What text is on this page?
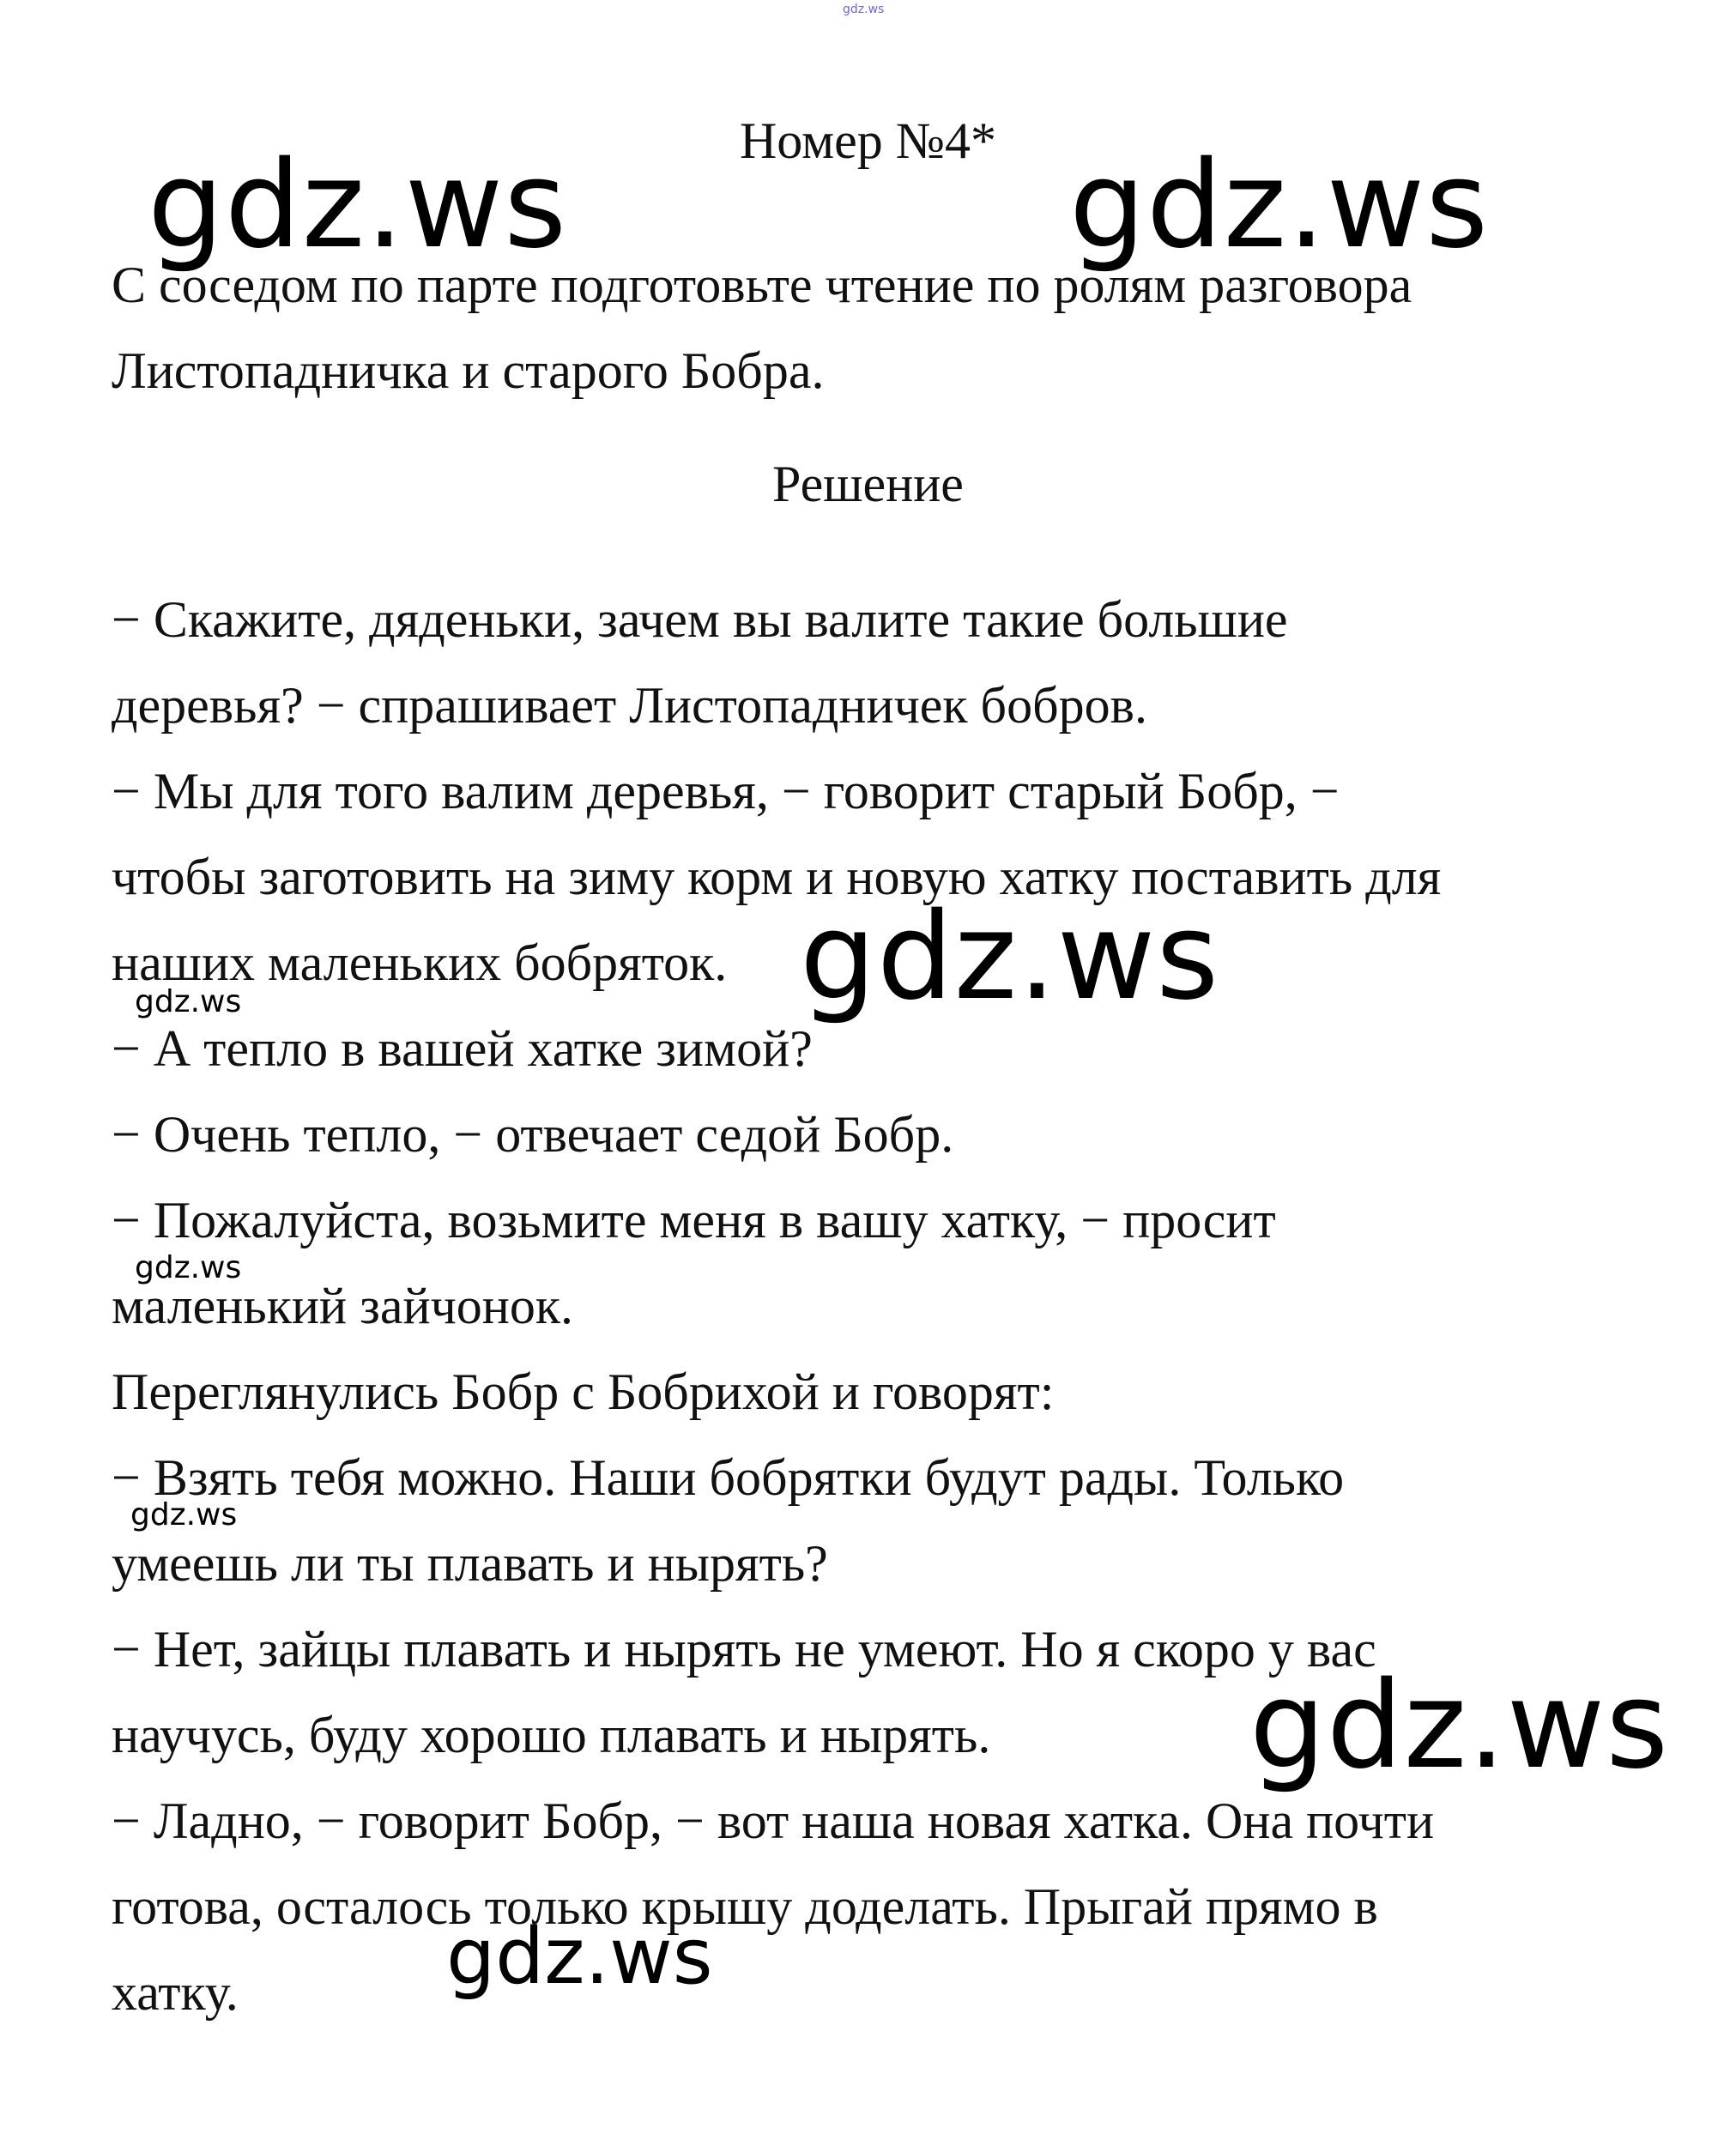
gdz.ws
Номер №4*
С соседом по парте подготовьте чтение по ролям разговора
Листопадничка и старого Бобра.
Решение
− Скажите, дяденьки, зачем вы валите такие большие
деревья? − спрашивает Листопадничек бобров.
− Мы для того валим деревья, − говорит старый Бобр, −
чтобы заготовить на зиму корм и новую хатку поставить для
наших маленьких бобряток.
− А тепло в вашей хатке зимой?
− Очень тепло, − отвечает седой Бобр.
− Пожалуйста, возьмите меня в вашу хатку, − просит
маленький зайчонок.
Переглянулись Бобр с Бобрихой и говорят:
− Взять тебя можно. Наши бобрятки будут рады. Только
умеешь ли ты плавать и нырять?
− Нет, зайцы плавать и нырять не умеют. Но я скоро у вас
научусь, буду хорошо плавать и нырять.
− Ладно, − говорит Бобр, − вот наша новая хатка. Она почти
готова, осталось только крышу доделать. Прыгай прямо в
хатку.
gdz.ws	gdz.ws
gdz.ws
gdz.ws
gdz.ws
gdz.ws
gdz.ws
gdz.ws
